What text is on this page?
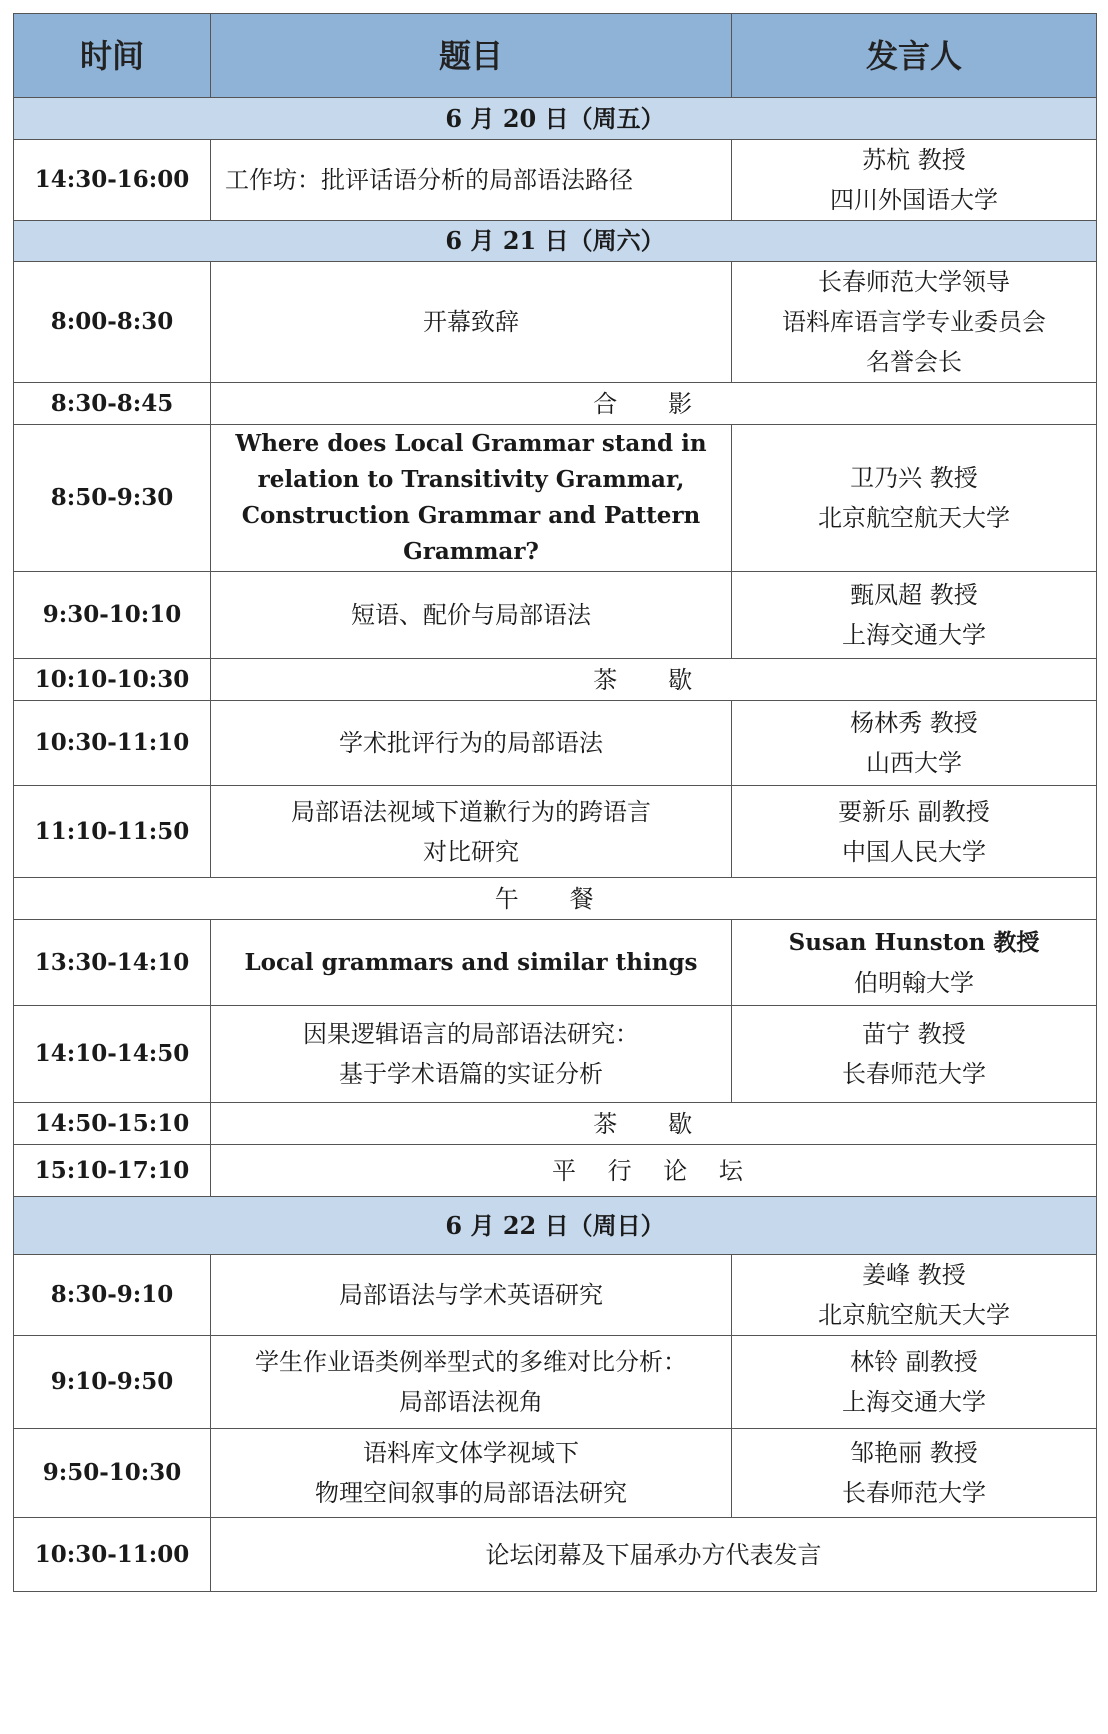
时间	题目	发言人
6 月 20 日（周五）		
14:30-16:00	工作坊：批评话语分析的局部语法路径	苏杭 教授
四川外国语大学

6 月 21 日（周六）		
8:00-8:30	开幕致辞	长春师范大学领导
语料库语言学专业委员会
名誉会长

8:30-8:45	合 影	
8:50-9:30	Where does Local Grammar stand in
relation to Transitivity Grammar,
Construction Grammar and Pattern
Grammar?	卫乃兴 教授
北京航空航天大学

9:30-10:10	短语、配价与局部语法	甄凤超 教授
上海交通大学

10:10-10:30	茶 歇	
10:30-11:10	学术批评行为的局部语法	杨林秀 教授
山西大学

11:10-11:50	局部语法视域下道歉行为的跨语言
对比研究	要新乐 副教授
中国人民大学

午 餐		
13:30-14:10	Local grammars and similar things	Susan Hunston 教授
伯明翰大学

14:10-14:50	因果逻辑语言的局部语法研究：
基于学术语篇的实证分析	苗宁 教授
长春师范大学

14:50-15:10	茶 歇	
15:10-17:10	平 行 论 坛	
6 月 22 日（周日）		
8:30-9:10	局部语法与学术英语研究	姜峰 教授
北京航空航天大学

9:10-9:50	学生作业语类例举型式的多维对比分析：
局部语法视角	林铃 副教授
上海交通大学

9:50-10:30	语料库文体学视域下
物理空间叙事的局部语法研究	邹艳丽 教授
长春师范大学

10:30-11:00	论坛闭幕及下届承办方代表发言	
